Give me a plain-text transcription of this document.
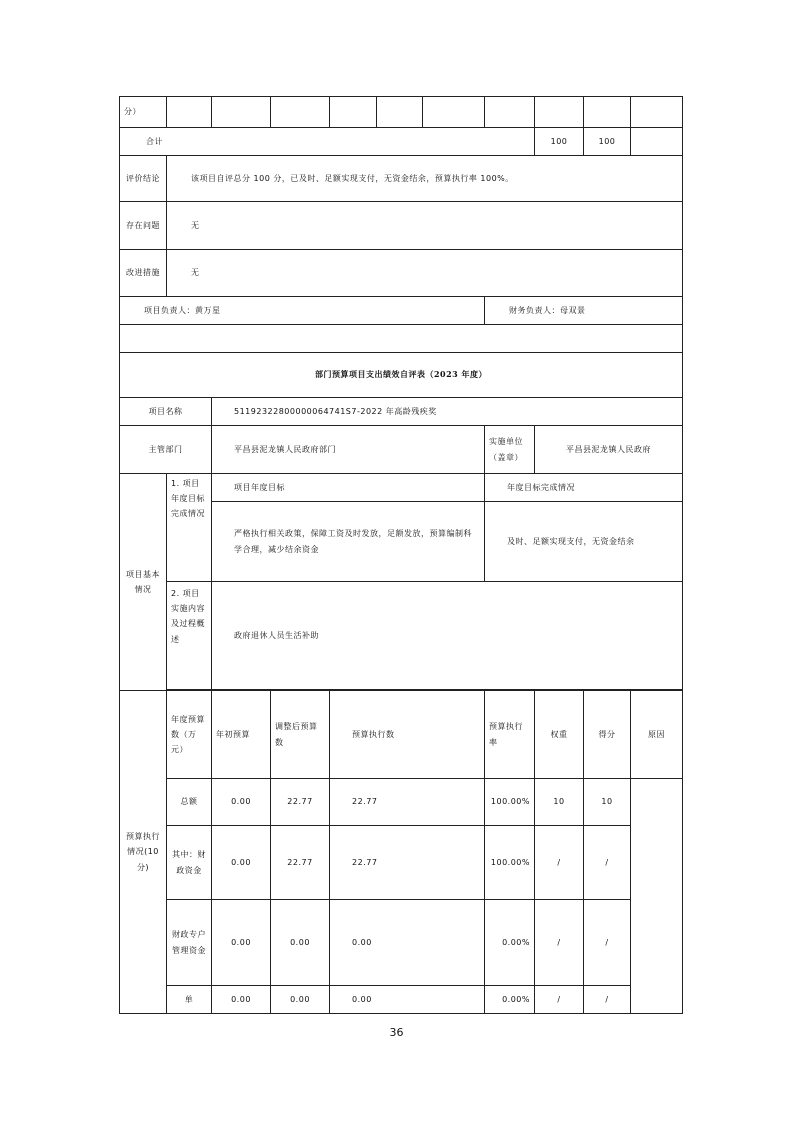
分）										
合计								100	100	
评价结论	该项目自评总分 100 分，已及时、足额实现支付，无资金结余，预算执行率 100%。									
存在问题	无									
改进措施	无									
项目负责人：黄万星							财务负责人：母双景			

部门预算项目支出绩效自评表（2023 年度）										
项目名称		51192322800000064741S7-2022 年高龄残疾奖								
主管部门		平昌县泥龙镇人民政府部门					实施单位（盖章）	平昌县泥龙镇人民政府		
项目基本情况	1. 项目年度目标完成情况	项目年度目标					年度目标完成情况			
		严格执行相关政策，保障工资及时发放，足额发放，预算编制科学合理，减少结余资金					及时、足额实现支付，无资金结余			
	2. 项目实施内容及过程概述	政府退休人员生活补助								

预算执行情况(10分)	年度预算数（万元）	年初预算	调整后预算数	预算执行数			预算执行率	权重	得分	原因
	总额	0.00	22.77	22.77			100.00%	10	10	
	其中：财政资金	0.00	22.77	22.77			100.00%	/	/	
	财政专户管理资金	0.00	0.00	0.00			0.00%	/	/	
	单	0.00	0.00	0.00			0.00%	/	/	
36
